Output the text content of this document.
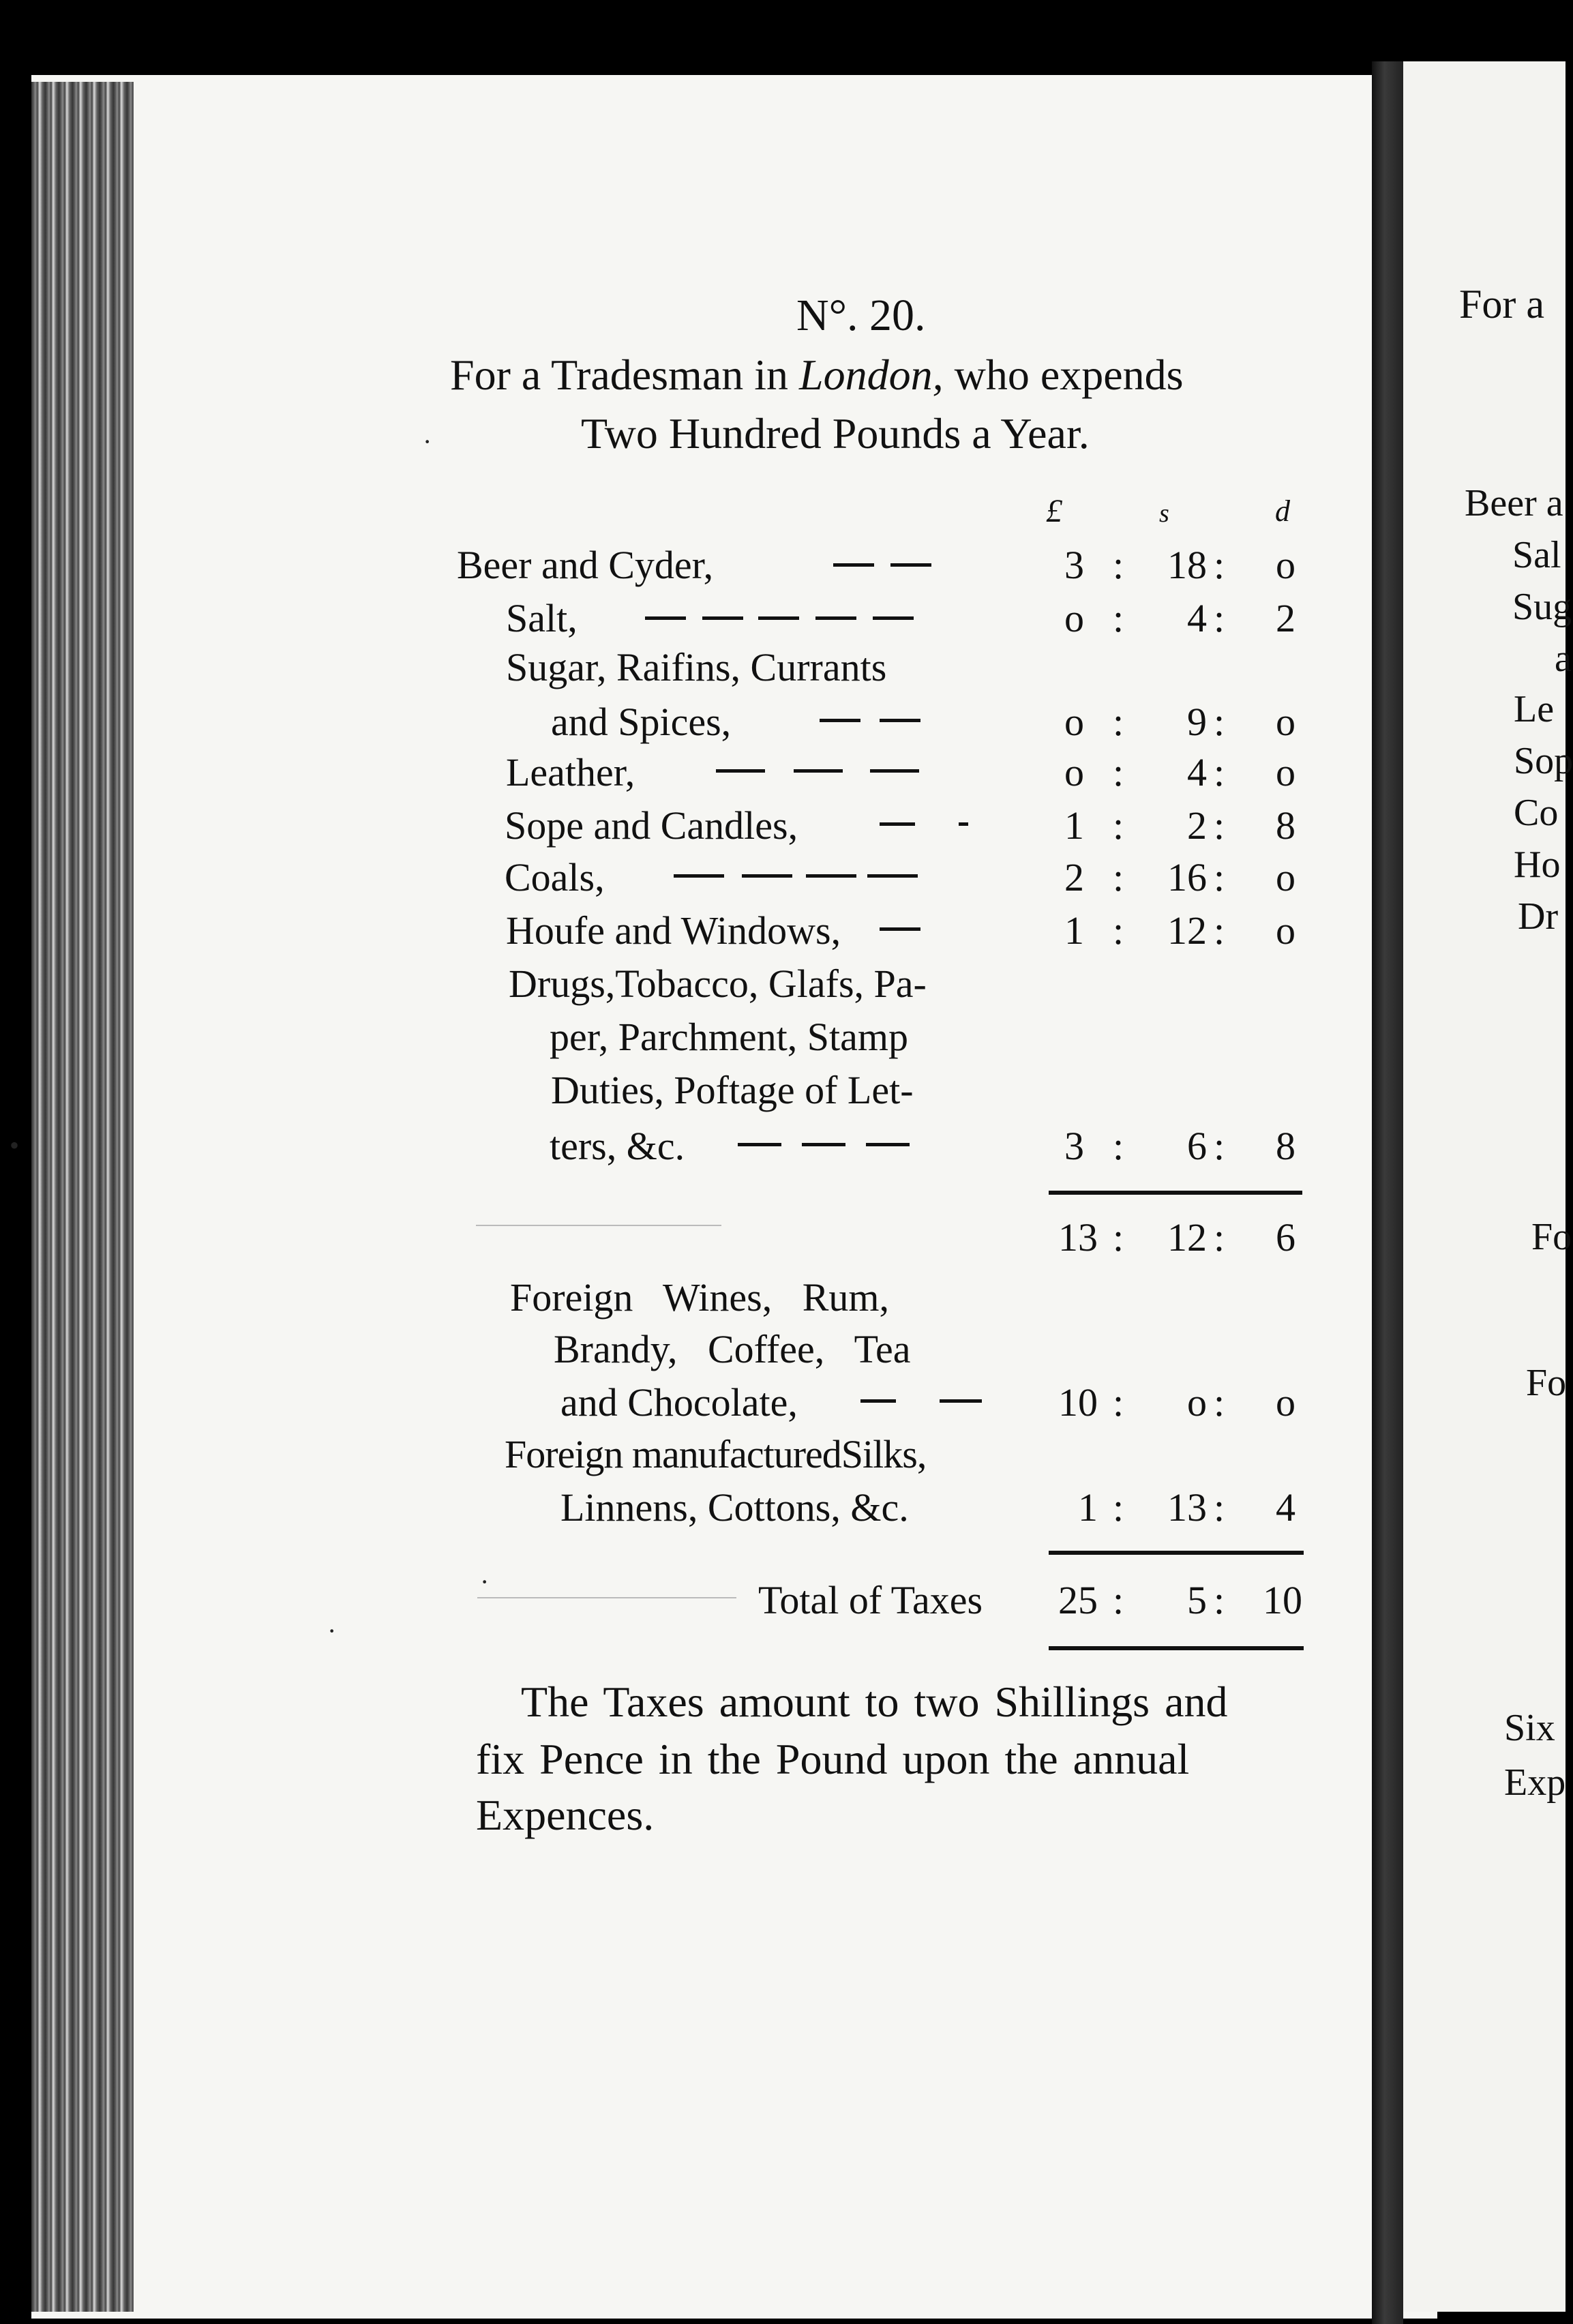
N°. 20.
For a Tradesman in London, who expends
Two Hundred Pounds a Year.
£	s	d
Beer and Cyder,	3 :	18 :	o
Salt,	o :	4 :	2
Sugar, Raifins, Currants
and Spices,	o :	9 :	o
Leather,	o :	4 :	o
Sope and Candles,	1 :	2 :	8
Coals,	2 :	16 :	o
Houfe and Windows,	1 :	12 :	o
Drugs,Tobacco, Glafs, Pa-
per, Parchment, Stamp
Duties, Poftage of Let-
ters, &c.	3 :	6 :	8
13 :	12 :	6
Foreign Wines, Rum,
Brandy, Coffee, Tea
and Chocolate,	10 :	o :	o
Foreign manufacturedSilks,
Linnens, Cottons, &c.	1 :	13 :	4
Total of Taxes	25 :	5 : 10
The Taxes amount to two Shillings and
fix Pence in the Pound upon the annual
Expences.
·
•
·
·
For a
Beer a
Sal
Sug
a
Le
Sop
Co
Ho
Dr
Fo
Fo
Six
Exp
